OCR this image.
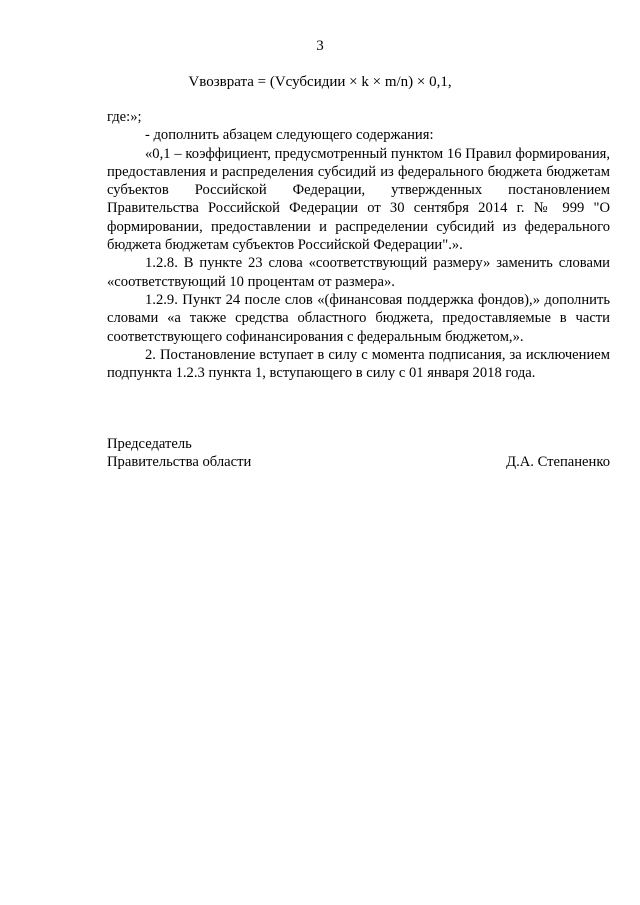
3
Vвозврата = (Vсубсидии × k × m/n) × 0,1,

где:»;

- дополнить абзацем следующего содержания:

«0,1 – коэффициент, предусмотренный пунктом 16 Правил формирования, предоставления и распределения субсидий из федерального бюджета бюджетам субъектов Российской Федерации, утвержденных постановлением Правительства Российской Федерации от 30 сентября 2014 г. № 999 "О формировании, предоставлении и распределении субсидий из федерального бюджета бюджетам субъектов Российской Федерации".».

1.2.8. В пункте 23 слова «соответствующий размеру» заменить словами «соответствующий 10 процентам от размера».

1.2.9. Пункт 24 после слов «(финансовая поддержка фондов),» дополнить словами «а также средства областного бюджета, предоставляемые в части соответствующего софинансирования с федеральным бюджетом,».

2. Постановление вступает в силу с момента подписания, за исключением подпункта 1.2.3 пункта 1, вступающего в силу с 01 января 2018 года.

Председатель
Правительства области	Д.А. Степаненко
